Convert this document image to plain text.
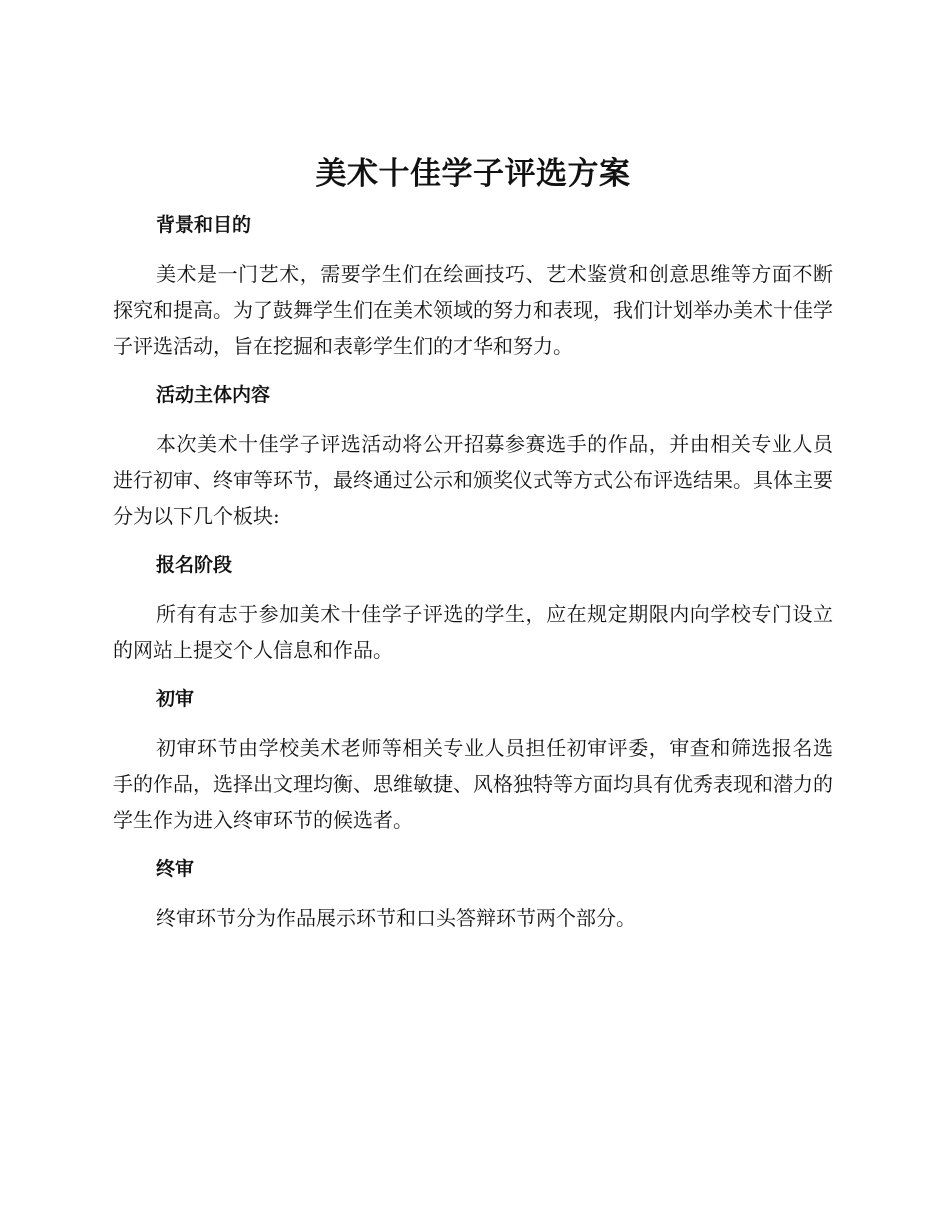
美术十佳学子评选方案
背景和目的

美术是一门艺术，需要学生们在绘画技巧、艺术鉴赏和创意思维等方面不断探究和提高。为了鼓舞学生们在美术领域的努力和表现，我们计划举办美术十佳学子评选活动，旨在挖掘和表彰学生们的才华和努力。

活动主体内容

本次美术十佳学子评选活动将公开招募参赛选手的作品，并由相关专业人员进行初审、终审等环节，最终通过公示和颁奖仪式等方式公布评选结果。具体主要分为以下几个板块:

报名阶段

所有有志于参加美术十佳学子评选的学生，应在规定期限内向学校专门设立的网站上提交个人信息和作品。

初审

初审环节由学校美术老师等相关专业人员担任初审评委，审查和筛选报名选手的作品，选择出文理均衡、思维敏捷、风格独特等方面均具有优秀表现和潜力的学生作为进入终审环节的候选者。

终审

终审环节分为作品展示环节和口头答辩环节两个部分。
